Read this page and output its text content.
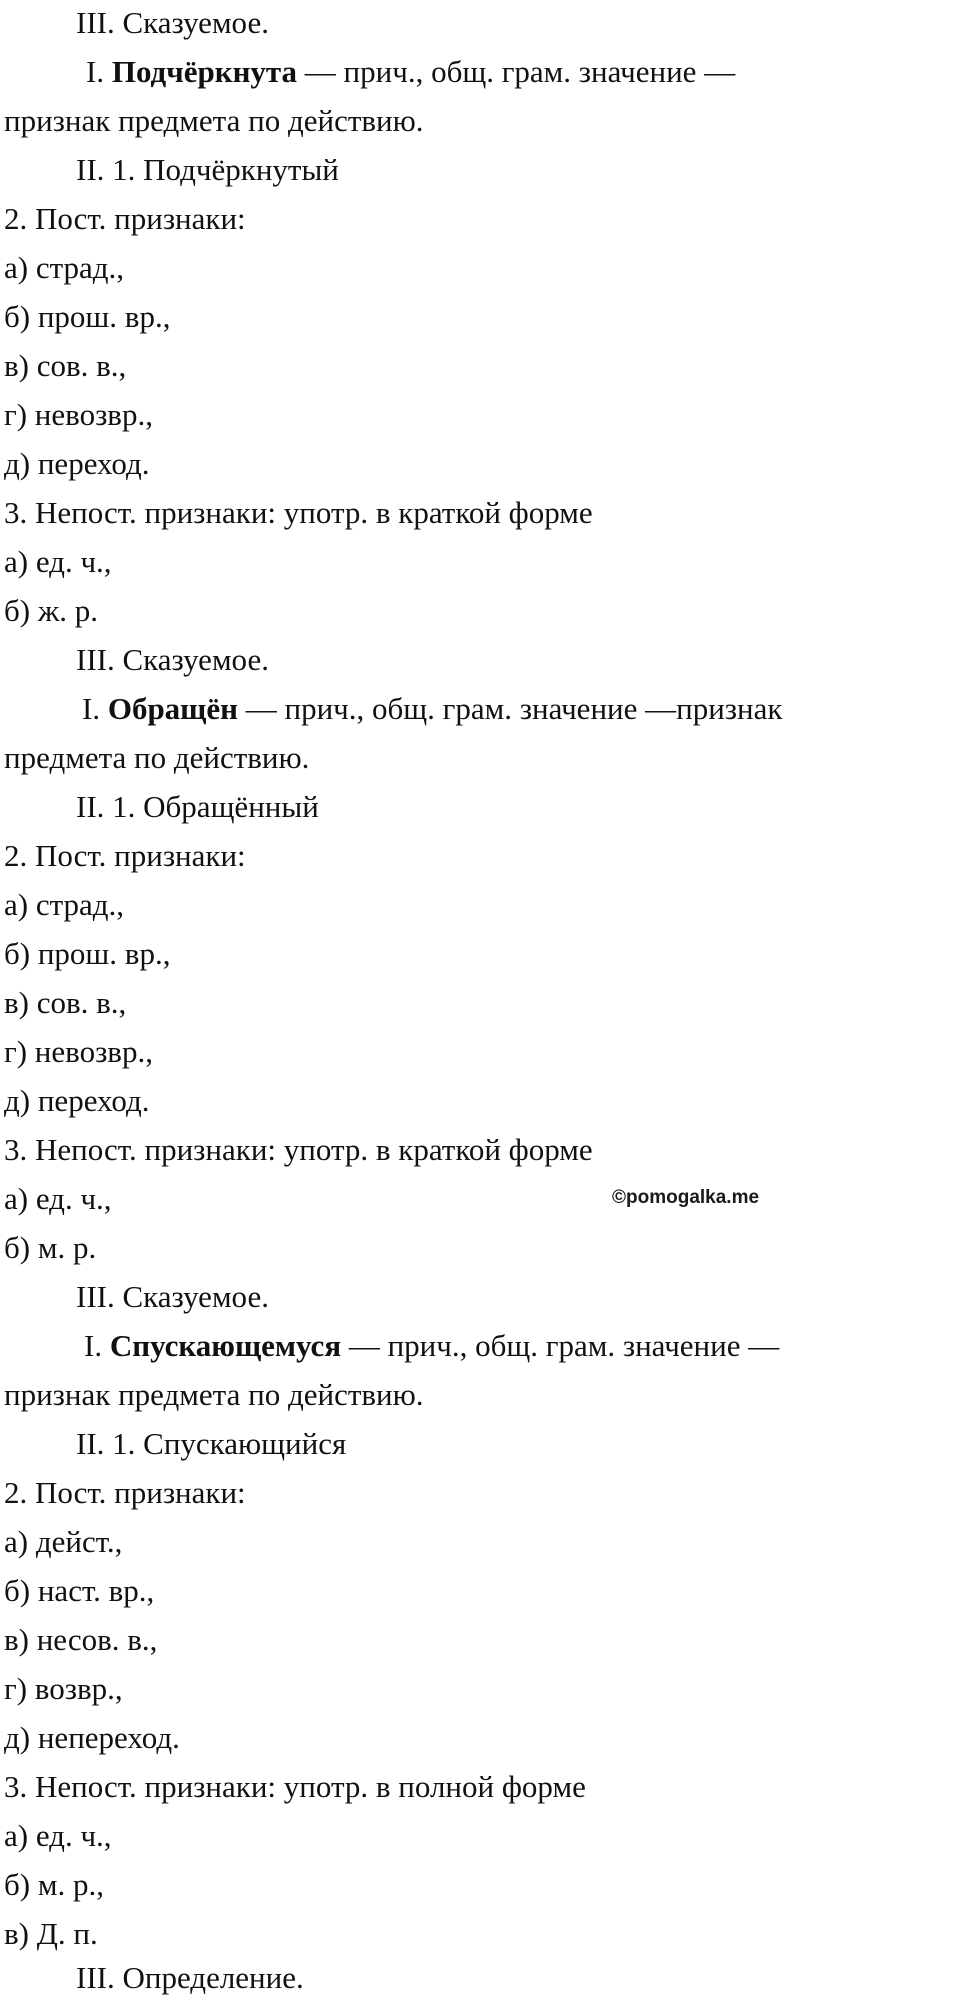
III. Сказуемое.
I. Подчёркнута — прич., общ. грам. значение —
признак предмета по действию.
II. 1. Подчёркнутый
2. Пост. признаки:
а) страд.,
б) прош. вр.,
в) сов. в.,
г) невозвр.,
д) переход.
3. Непост. признаки: употр. в краткой форме
а) ед. ч.,
б) ж. р.
III. Сказуемое.
I. Обращён — прич., общ. грам. значение —признак
предмета по действию.
II. 1. Обращённый
2. Пост. признаки:
а) страд.,
б) прош. вр.,
в) сов. в.,
г) невозвр.,
д) переход.
3. Непост. признаки: употр. в краткой форме
а) ед. ч.,
б) м. р.
III. Сказуемое.
I. Спускающемуся — прич., общ. грам. значение —
признак предмета по действию.
II. 1. Спускающийся
2. Пост. признаки:
а) дейст.,
б) наст. вр.,
в) несов. в.,
г) возвр.,
д) непереход.
3. Непост. признаки: употр. в полной форме
а) ед. ч.,
б) м. р.,
в) Д. п.
III. Определение.
©pomogalka.me
